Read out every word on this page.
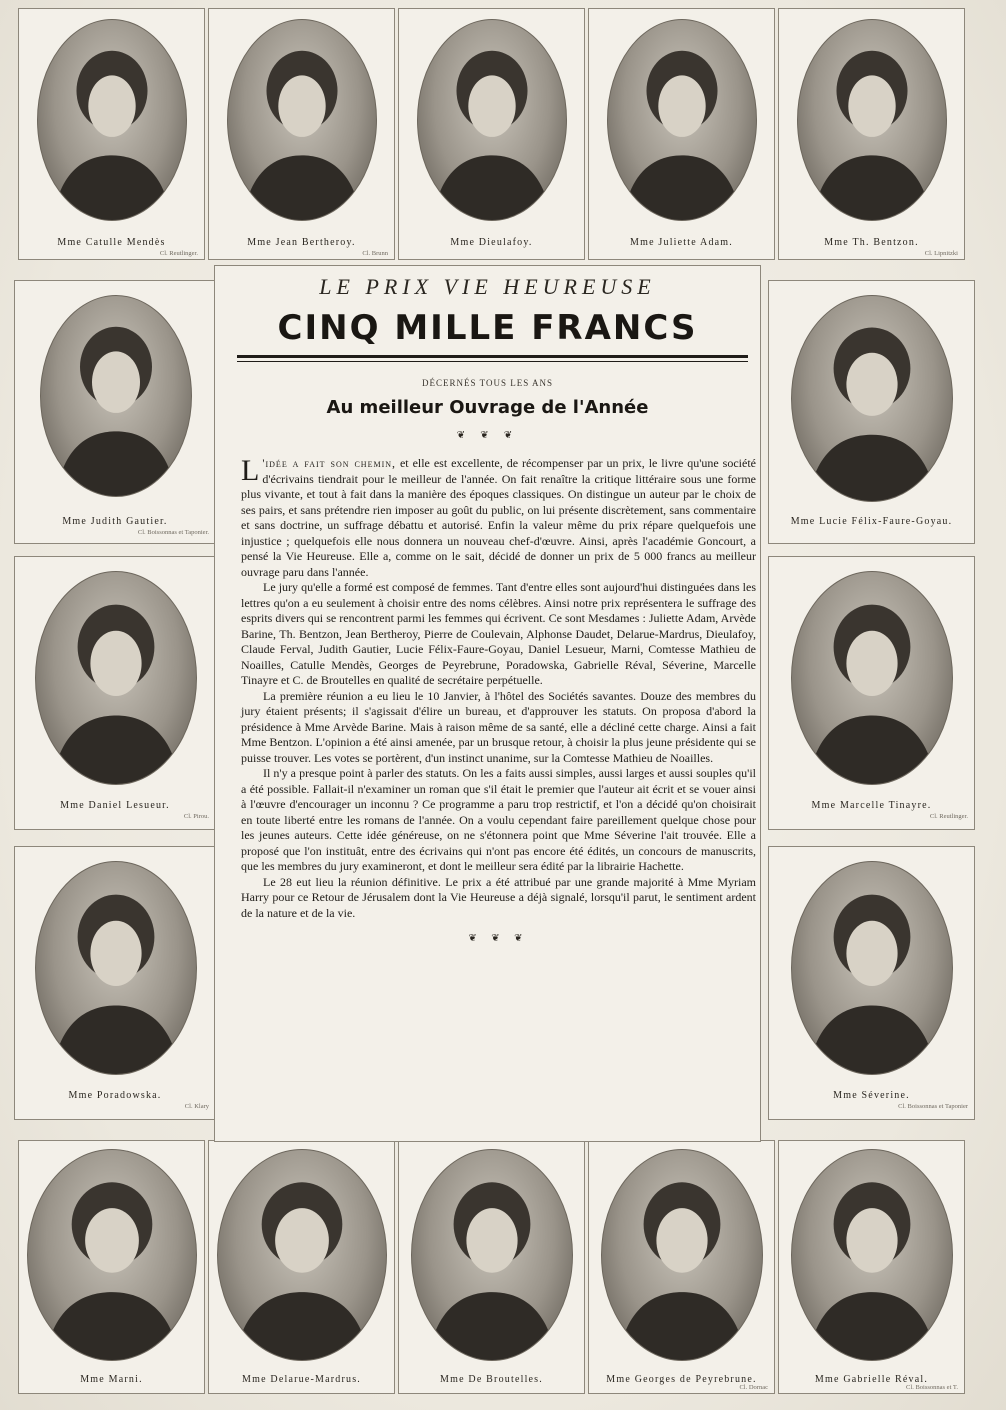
Mme Catulle Mendès
Cl. Reutlinger.
Mme Jean Bertheroy.
Cl. Brunn
Mme Dieulafoy.	Mme Juliette Adam.	Mme Th. Bentzon.
Cl. Lipnitzki
Mme Judith Gautier.
Cl. Boissonnas et Taponier.
Mme Daniel Lesueur.
Cl. Pirou.
Mme Poradowska.
Cl. Klary
Mme Lucie Félix-Faure-Goyau.
Mme Marcelle Tinayre.
Cl. Reutlinger.
Mme Séverine.
Cl. Boissonnas et Taponier
Mme Marni.	Mme Delarue-Mardrus.	Mme De Broutelles.	Mme Georges de Peyrebrune.
Cl. Dornac
Mme Gabrielle Réval.
Cl. Boissonnas et T.
LE PRIX VIE HEUREUSE
CINQ MILLE FRANCS
DÉCERNÉS TOUS LES ANS
Au meilleur Ouvrage de l'Année
❦ ❦ ❦

L 'idée a fait son chemin, et elle est excellente, de récompenser par un prix, le livre qu'une société d'écrivains tiendrait pour le meilleur de l'année. On fait renaître la critique littéraire sous une forme plus vivante, et tout à fait dans la manière des époques classiques. On distingue un auteur par le choix de ses pairs, et sans prétendre rien imposer au goût du public, on lui présente discrètement, sans commentaire et sans doctrine, un suffrage débattu et autorisé. Enfin la valeur même du prix répare quelquefois une injustice ; quelquefois elle nous donnera un nouveau chef-d'œuvre. Ainsi, après l'académie Goncourt, a pensé la Vie Heureuse. Elle a, comme on le sait, décidé de donner un prix de 5 000 francs au meilleur ouvrage paru dans l'année.

Le jury qu'elle a formé est composé de femmes. Tant d'entre elles sont aujourd'hui distinguées dans les lettres qu'on a eu seulement à choisir entre des noms célèbres. Ainsi notre prix représentera le suffrage des esprits divers qui se rencontrent parmi les femmes qui écrivent. Ce sont Mesdames : Juliette Adam, Arvède Barine, Th. Bentzon, Jean Bertheroy, Pierre de Coulevain, Alphonse Daudet, Delarue-Mardrus, Dieulafoy, Claude Ferval, Judith Gautier, Lucie Félix-Faure-Goyau, Daniel Lesueur, Marni, Comtesse Mathieu de Noailles, Catulle Mendès, Georges de Peyrebrune, Poradowska, Gabrielle Réval, Séverine, Marcelle Tinayre et C. de Broutelles en qualité de secrétaire perpétuelle.

La première réunion a eu lieu le 10 Janvier, à l'hôtel des Sociétés savantes. Douze des membres du jury étaient présents; il s'agissait d'élire un bureau, et d'approuver les statuts. On proposa d'abord la présidence à Mme Arvède Barine. Mais à raison même de sa santé, elle a décliné cette charge. Ainsi a fait Mme Bentzon. L'opinion a été ainsi amenée, par un brusque retour, à choisir la plus jeune présidente qui se puisse trouver. Les votes se portèrent, d'un instinct unanime, sur la Comtesse Mathieu de Noailles.

Il n'y a presque point à parler des statuts. On les a faits aussi simples, aussi larges et aussi souples qu'il a été possible. Fallait-il n'examiner un roman que s'il était le premier que l'auteur ait écrit et se vouer ainsi à l'œuvre d'encourager un inconnu ? Ce programme a paru trop restrictif, et l'on a décidé qu'on choisirait en toute liberté entre les romans de l'année. On a voulu cependant faire pareillement quelque chose pour les jeunes auteurs. Cette idée généreuse, on ne s'étonnera point que Mme Séverine l'ait trouvée. Elle a proposé que l'on instituât, entre des écrivains qui n'ont pas encore été édités, un concours de manuscrits, que les membres du jury examineront, et dont le meilleur sera édité par la librairie Hachette.

Le 28 eut lieu la réunion définitive. Le prix a été attribué par une grande majorité à Mme Myriam Harry pour ce Retour de Jérusalem dont la Vie Heureuse a déjà signalé, lorsqu'il parut, le sentiment ardent de la nature et de la vie.

❦ ❦ ❦
